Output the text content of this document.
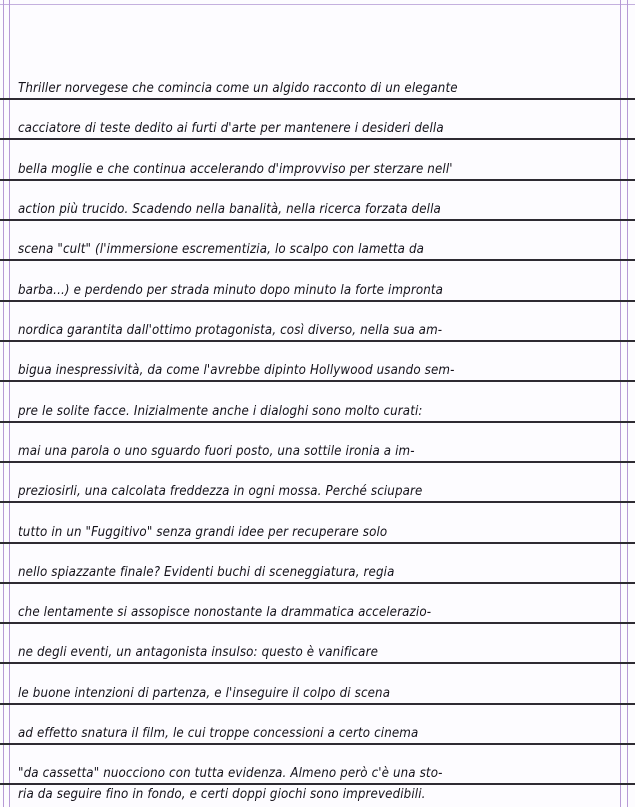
Thriller norvegese che comincia come un algido racconto di un elegante
cacciatore di teste dedito ai furti d'arte per mantenere i desideri della
bella moglie e che continua accelerando d'improvviso per sterzare nell'
action più trucido. Scadendo nella banalità, nella ricerca forzata della
scena "cult" (l'immersione escrementizia, lo scalpo con lametta da
barba...) e perdendo per strada minuto dopo minuto la forte impronta
nordica garantita dall'ottimo protagonista, così diverso, nella sua am-
bigua inespressività, da come l'avrebbe dipinto Hollywood usando sem-
pre le solite facce. Inizialmente anche i dialoghi sono molto curati:
mai una parola o uno sguardo fuori posto, una sottile ironia a im-
preziosirli, una calcolata freddezza in ogni mossa. Perché sciupare
tutto in un "Fuggitivo" senza grandi idee per recuperare solo
nello spiazzante finale? Evidenti buchi di sceneggiatura, regia
che lentamente si assopisce nonostante la drammatica accelerazio-
ne degli eventi, un antagonista insulso: questo è vanificare
le buone intenzioni di partenza, e l'inseguire il colpo di scena
ad effetto snatura il film, le cui troppe concessioni a certo cinema
"da cassetta" nuocciono con tutta evidenza. Almeno però c'è una sto-
ria da seguire fino in fondo, e certi doppi giochi sono imprevedibili.
